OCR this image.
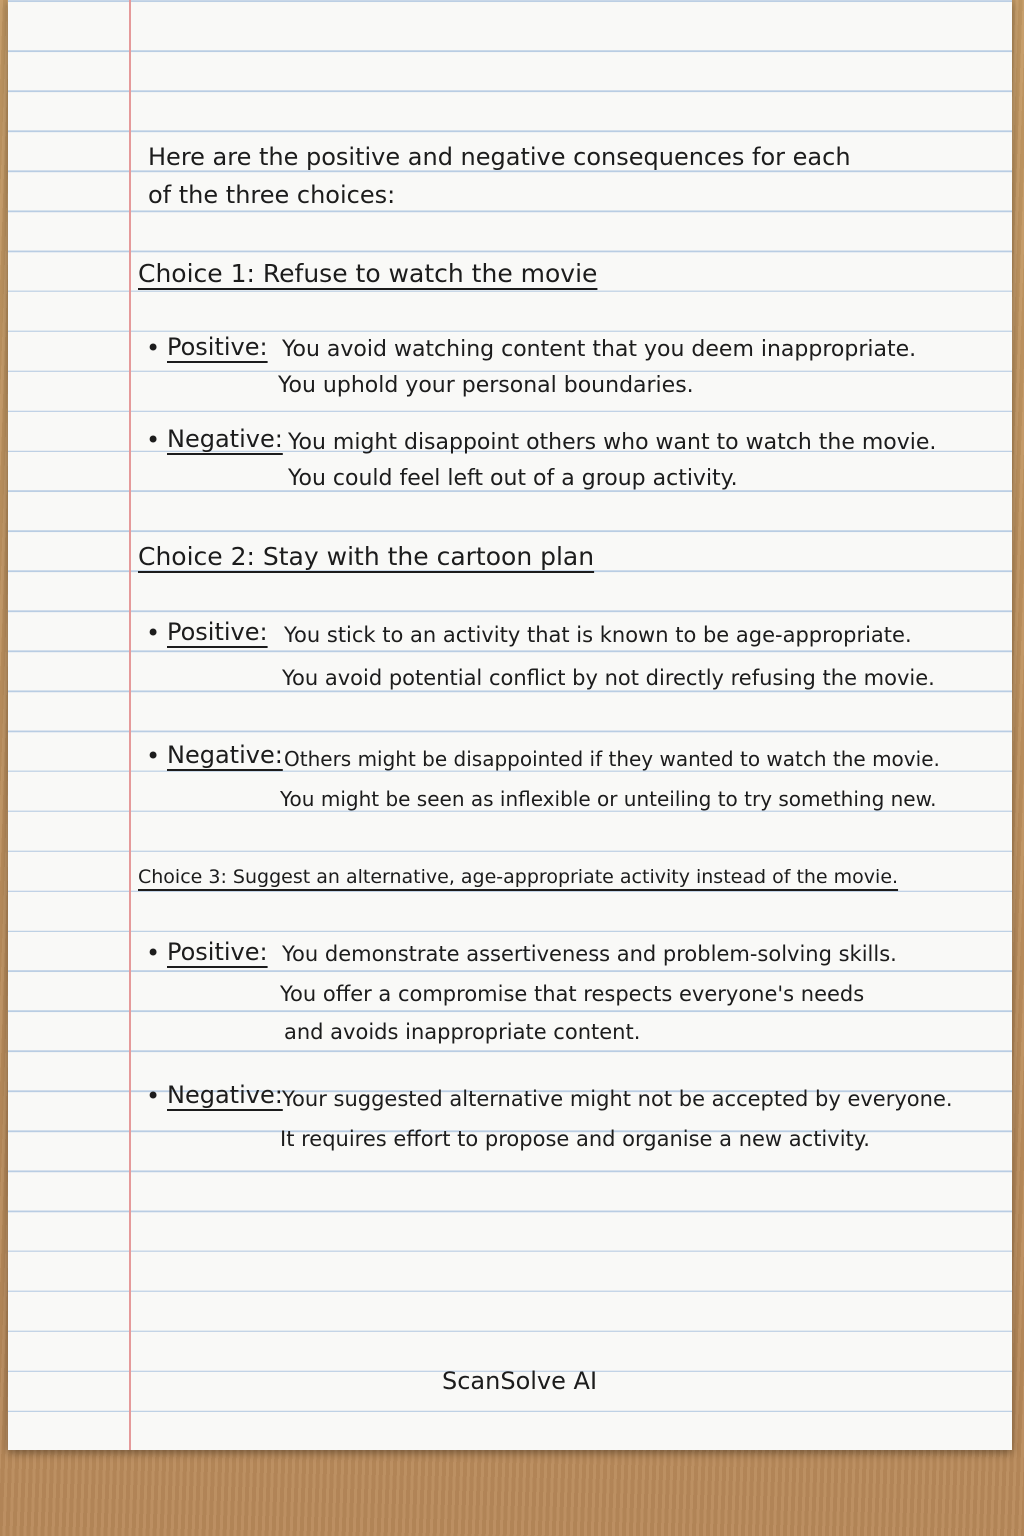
Here are the positive and negative consequences for each
of the three choices:
Choice 1: Refuse to watch the movie
• Positive: You avoid watching content that you deem inappropriate.
You uphold your personal boundaries.
• Negative: You might disappoint others who want to watch the movie.
You could feel left out of a group activity.
Choice 2: Stay with the cartoon plan
• Positive: You stick to an activity that is known to be age-appropriate.
You avoid potential conflict by not directly refusing the movie.
• Negative: Others might be disappointed if they wanted to watch the movie.
You might be seen as inflexible or unteiling to try something new.
Choice 3: Suggest an alternative, age-appropriate activity instead of the movie.
• Positive: You demonstrate assertiveness and problem-solving skills.
You offer a compromise that respects everyone's needs
and avoids inappropriate content.
• Negative: Your suggested alternative might not be accepted by everyone.
It requires effort to propose and organise a new activity.
ScanSolve AI
